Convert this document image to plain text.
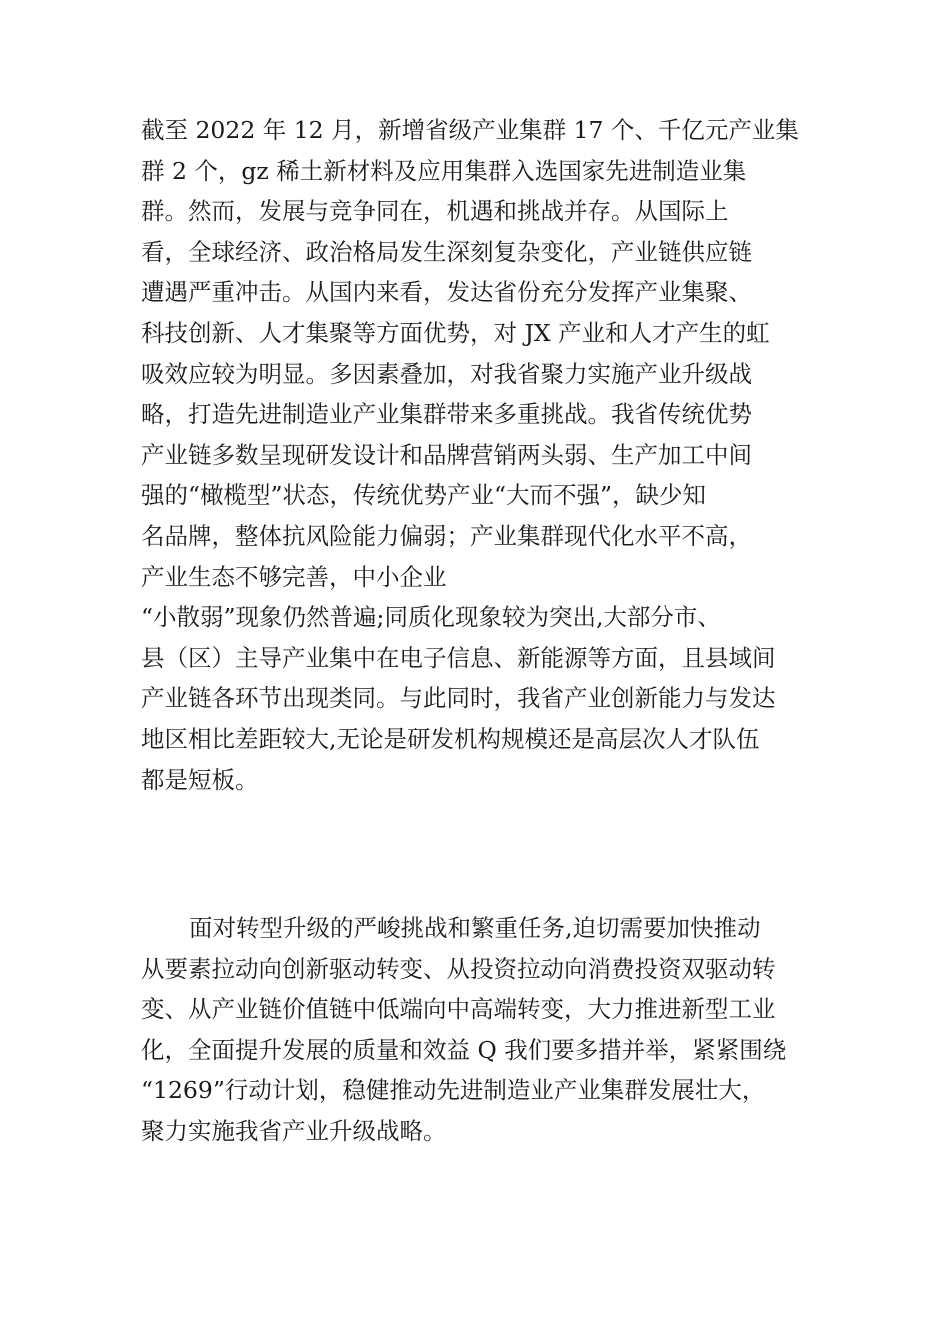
截至 2022 年 12 月，新增省级产业集群 17 个、千亿元产业集
群 2 个，gz 稀土新材料及应用集群入选国家先进制造业集
群。然而，发展与竞争同在，机遇和挑战并存。从国际上
看，全球经济、政治格局发生深刻复杂变化，产业链供应链
遭遇严重冲击。从国内来看，发达省份充分发挥产业集聚、
科技创新、人才集聚等方面优势，对 JX 产业和人才产生的虹
吸效应较为明显。多因素叠加，对我省聚力实施产业升级战
略，打造先进制造业产业集群带来多重挑战。我省传统优势
产业链多数呈现研发设计和品牌营销两头弱、生产加工中间
强的“橄榄型”状态，传统优势产业“大而不强”，缺少知
名品牌，整体抗风险能力偏弱；产业集群现代化水平不高，
产业生态不够完善，中小企业
“小散弱”现象仍然普遍;同质化现象较为突出,大部分市、
县（区）主导产业集中在电子信息、新能源等方面，且县域间
产业链各环节出现类同。与此同时，我省产业创新能力与发达
地区相比差距较大,无论是研发机构规模还是高层次人才队伍
都是短板。
面对转型升级的严峻挑战和繁重任务,迫切需要加快推动
从要素拉动向创新驱动转变、从投资拉动向消费投资双驱动转
变、从产业链价值链中低端向中高端转变，大力推进新型工业
化，全面提升发展的质量和效益 Q 我们要多措并举，紧紧围绕
“1269”行动计划，稳健推动先进制造业产业集群发展壮大，
聚力实施我省产业升级战略。
